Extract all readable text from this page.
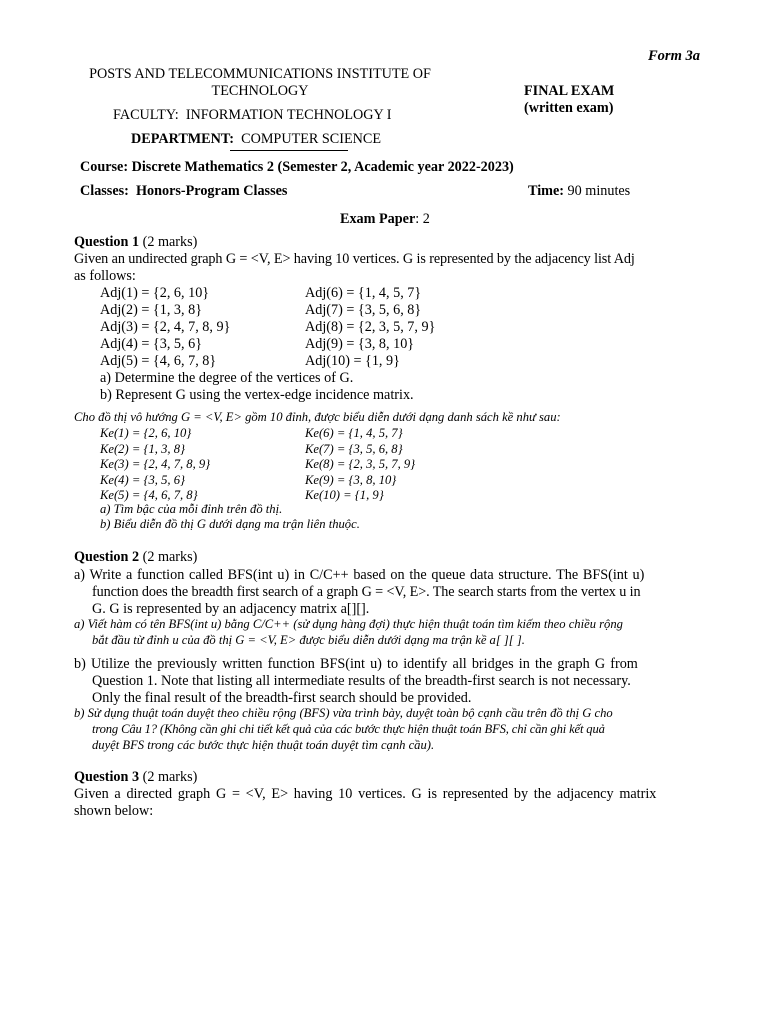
Form 3a
POSTS AND TELECOMMUNICATIONS INSTITUTE OF
TECHNOLOGY
FACULTY: INFORMATION TECHNOLOGY I
DEPARTMENT: COMPUTER SCIENCE
FINAL EXAM
(written exam)
Course: Discrete Mathematics 2 (Semester 2, Academic year 2022-2023)
Classes: Honors-Program Classes	Time: 90 minutes
Exam Paper: 2
Question 1 (2 marks)
Given an undirected graph G = <V, E> having 10 vertices. G is represented by the adjacency list Adj
as follows:
Adj(1) = {2, 6, 10}
Adj(2) = {1, 3, 8}
Adj(3) = {2, 4, 7, 8, 9}
Adj(4) = {3, 5, 6}
Adj(5) = {4, 6, 7, 8}
Adj(6) = {1, 4, 5, 7}
Adj(7) = {3, 5, 6, 8}
Adj(8) = {2, 3, 5, 7, 9}
Adj(9) = {3, 8, 10}
Adj(10) = {1, 9}
a) Determine the degree of the vertices of G.
b) Represent G using the vertex-edge incidence matrix.
Cho đồ thị vô hướng G = <V, E> gồm 10 đỉnh, được biểu diễn dưới dạng danh sách kề như sau:
Ke(1) = {2, 6, 10}
Ke(2) = {1, 3, 8}
Ke(3) = {2, 4, 7, 8, 9}
Ke(4) = {3, 5, 6}
Ke(5) = {4, 6, 7, 8}
Ke(6) = {1, 4, 5, 7}
Ke(7) = {3, 5, 6, 8}
Ke(8) = {2, 3, 5, 7, 9}
Ke(9) = {3, 8, 10}
Ke(10) = {1, 9}
a) Tìm bậc của mỗi đỉnh trên đồ thị.
b) Biểu diễn đồ thị G dưới dạng ma trận liên thuộc.
Question 2 (2 marks)
a) Write a function called BFS(int u) in C/C++ based on the queue data structure. The BFS(int u)
function does the breadth first search of a graph G = <V, E>. The search starts from the vertex u in
G. G is represented by an adjacency matrix a[][].
a) Viết hàm có tên BFS(int u) bằng C/C++ (sử dụng hàng đợi) thực hiện thuật toán tìm kiếm theo chiều rộng
bắt đầu từ đỉnh u của đồ thị G = <V, E> được biểu diễn dưới dạng ma trận kề a[ ][ ].
b) Utilize the previously written function BFS(int u) to identify all bridges in the graph G from
Question 1. Note that listing all intermediate results of the breadth-first search is not necessary.
Only the final result of the breadth-first search should be provided.
b) Sử dụng thuật toán duyệt theo chiều rộng (BFS) vừa trình bày, duyệt toàn bộ cạnh cầu trên đồ thị G cho
trong Câu 1? (Không cần ghi chi tiết kết quả của các bước thực hiện thuật toán BFS, chỉ cần ghi kết quả
duyệt BFS trong các bước thực hiện thuật toán duyệt tìm cạnh cầu).
Question 3 (2 marks)
Given a directed graph G = <V, E> having 10 vertices. G is represented by the adjacency matrix
shown below:
